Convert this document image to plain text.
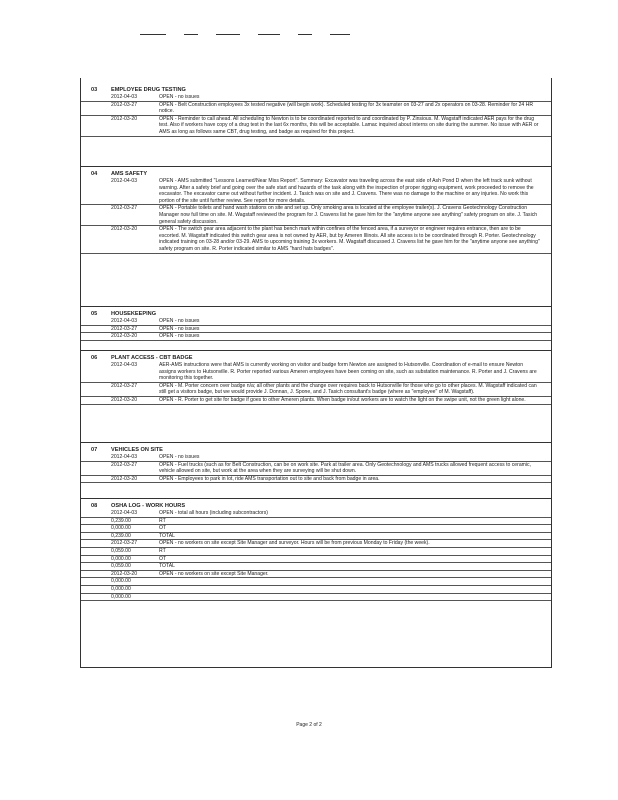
03	EMPLOYEE DRUG TESTING
2012-04-03	OPEN - no issues
2012-03-27	OPEN - Belt Construction employees 3x tested negative (will begin work). Scheduled testing for 3x teamster on 03-27 and 2x operators on 03-28. Reminder for 24 HR notice.
2012-03-20	OPEN - Reminder to call ahead. All scheduling to Newton is to be coordinated reported to and coordinated by P. Zinsious. M. Wagstaff indicated AER pays for the drug test. Also if workers have copy of a drug test in the last 6x months, this will be acceptable. Lamac inquired about interns on site during the summer. No issue with AER or AMS as long as follows same CBT, drug testing, and badge as required for this project.
04	AMS SAFETY
2012-04-03	OPEN - AMS submitted "Lessons Learned/Near Miss Report". Summary: Excavator was traveling across the east side of Ash Pond D when the left track sunk without warning. After a safety brief and going over the safe start and hazards of the task along with the inspection of proper rigging equipment, work proceeded to remove the excavator. The excavator came out without further incident. J. Tasich was on site and J. Cravens. There was no damage to the machine or any injuries. No work this portion of the site until further review. See report for more details.
2012-03-27	OPEN - Portable toilets and hand wash stations on site and set up. Only smoking area is located at the employee trailer(s). J. Cravens Geotechnology Construction Manager now full time on site. M. Wagstaff reviewed the program for J. Cravens list he gave him for the "anytime anyone see anything" safety program on site. J. Tasich general safety discussion.
2012-03-20	OPEN - The switch gear area adjacent to the plant has bench mark within confines of the fenced area, if a surveyor or engineer requires entrance, then are to be escorted. M. Wagstaff indicated this switch gear area is not owned by AER, but by Ameren Illinois. All site access is to be coordinated through R. Porter. Geotechnology indicated training on 03-28 and/or 03-29. AMS to upcoming training 3x workers. M. Wagstaff discussed J. Cravens list he gave him for the "anytime anyone see anything" safety program on site. R. Porter indicated similar to AMS "hard hats badges".
05	HOUSEKEEPING
2012-04-03	OPEN - no issues
2012-03-27	OPEN - no issues
2012-03-20	OPEN - no issues
06	PLANT ACCESS - CBT BADGE
2012-04-03	AER-AMS instructions were that AMS is currently working on visitor and badge form Newton are assigned to Hutsonville. Coordination of e-mail to ensure Newton assigns workers to Hutsonville. R. Porter reported various Ameren employees have been coming on site, such as substation maintenance. R. Porter and J. Cravens are monitoring this together.
2012-03-27	OPEN - M. Porter concern over badge n/a; all other plants and the change over requires back to Hutsonville for those who go to other places. M. Wagstaff indicated can still get a visitors badge, but we would provide J. Donnan, J. Spone, and J. Tasich consultant's badge (where as "employee" of M. Wagstaff).
2012-03-20	OPEN - R. Porter to get site for badge if goes to other Ameren plants. When badge in/out workers are to watch the light on the swipe unit, not the green light alone.
07	VEHICLES ON SITE
2012-04-03	OPEN - no issues
2012-03-27	OPEN - Fuel trucks (such as for Belt Construction, can be on work site. Park at trailer area. Only Geotechnology and AMS trucks allowed frequent access to ceramic, vehicle allowed on site, but work at the area when they are surveying will be shut down.
2012-03-20	OPEN - Employees to park in lot, ride AMS transportation out to site and back from badge in area.
08	OSHA LOG - WORK HOURS
2012-04-03	OPEN - total all hours (including subcontractors)
0,239.00	RT
0,000.00	OT
0,239.00	TOTAL
2012-03-27	OPEN - no workers on site except Site Manager and surveyor. Hours will be from previous Monday to Friday (the week).
0,059.00	RT
0,000.00	OT
0,059.00	TOTAL
2012-03-20	OPEN - no workers on site except Site Manager.
0,000.00
0,000.00
0,000.00
Page 2 of 2
